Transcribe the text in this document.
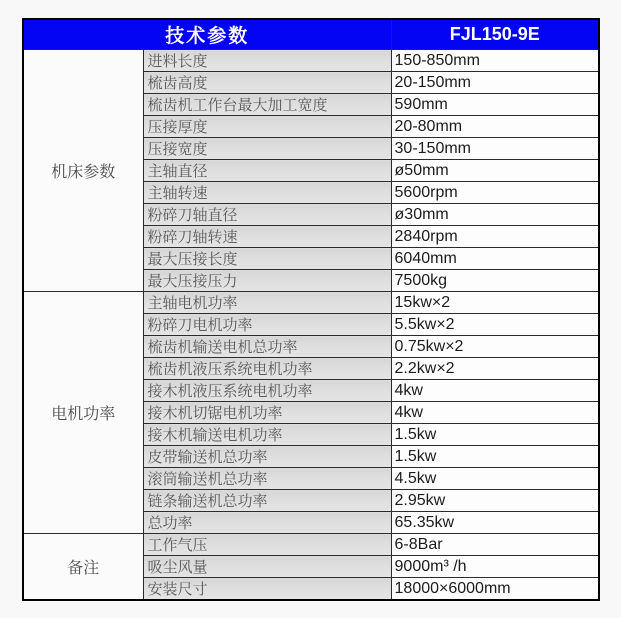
技术参数		FJL150-9E
机床参数	进料长度	150-850mm
	梳齿高度	20-150mm
	梳齿机工作台最大加工宽度	590mm
	压接厚度	20-80mm
	压接宽度	30-150mm
	主轴直径	ø50mm
	主轴转速	5600rpm
	粉碎刀轴直径	ø30mm
	粉碎刀轴转速	2840rpm
	最大压接长度	6040mm
	最大压接压力	7500kg
电机功率	主轴电机功率	15kw×2
	粉碎刀电机功率	5.5kw×2
	梳齿机输送电机总功率	0.75kw×2
	梳齿机液压系统电机功率	2.2kw×2
	接木机液压系统电机功率	4kw
	接木机切锯电机功率	4kw
	接木机输送电机功率	1.5kw
	皮带输送机总功率	1.5kw
	滚筒输送机总功率	4.5kw
	链条输送机总功率	2.95kw
	总功率	65.35kw
备注	工作气压	6-8Bar
	吸尘风量	9000m³ /h
	安装尺寸	18000×6000mm
